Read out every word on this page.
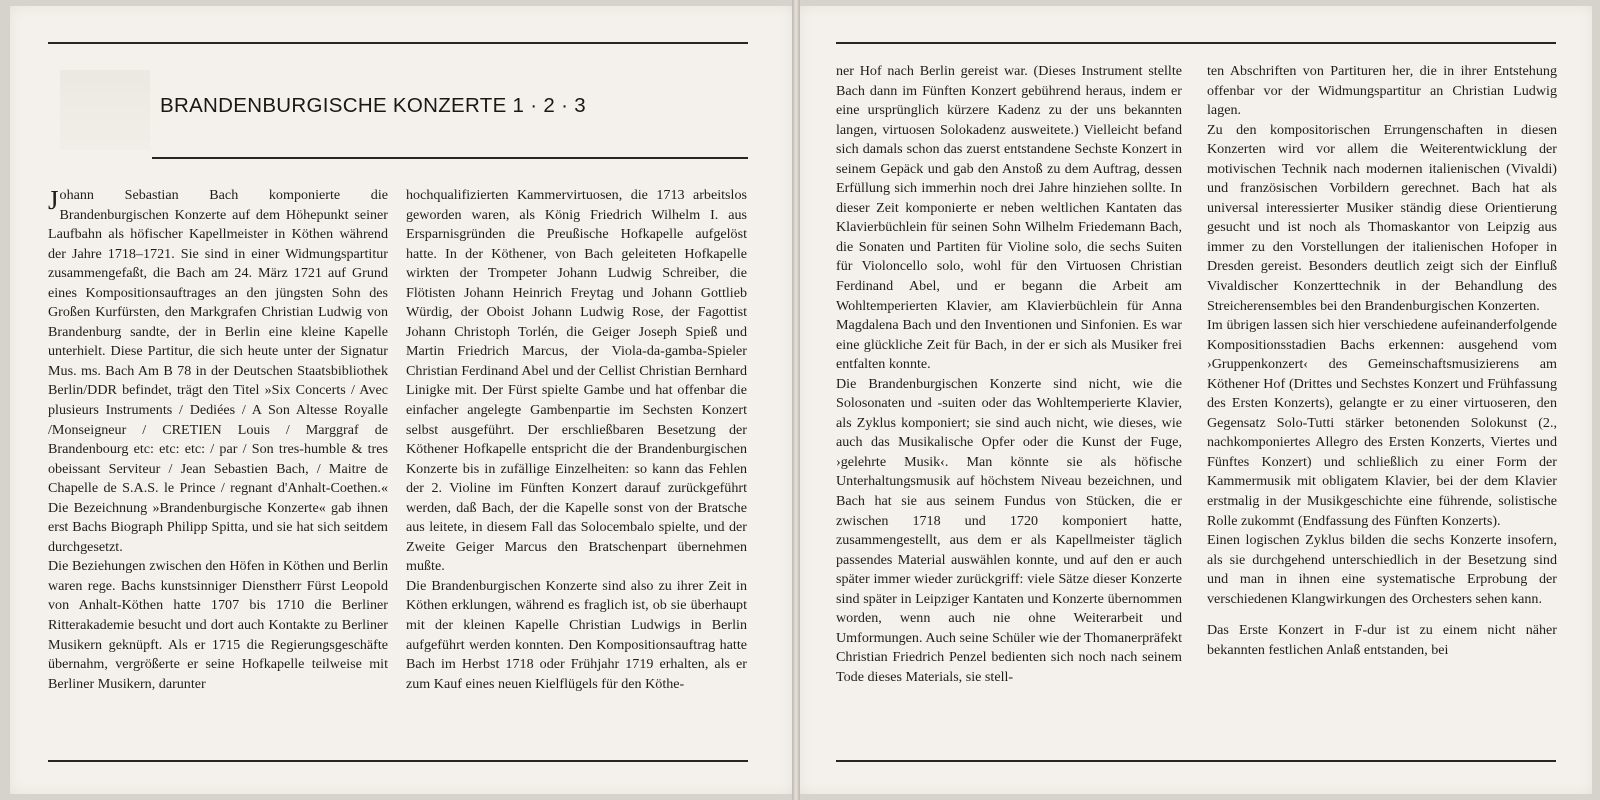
BRANDENBURGISCHE KONZERTE 1 · 2 · 3

Johann Sebastian Bach komponierte die Brandenburgischen Konzerte auf dem Höhepunkt seiner Laufbahn als höfischer Kapellmeister in Köthen während der Jahre 1718–1721. Sie sind in einer Widmungspartitur zusammengefaßt, die Bach am 24. März 1721 auf Grund eines Kompositionsauftrages an den jüngsten Sohn des Großen Kurfürsten, den Markgrafen Christian Ludwig von Brandenburg sandte, der in Berlin eine kleine Kapelle unterhielt. Diese Partitur, die sich heute unter der Signatur Mus. ms. Bach Am B 78 in der Deutschen Staatsbibliothek Berlin/DDR befindet, trägt den Titel »Six Concerts / Avec plusieurs Instruments / Dediées / A Son Altesse Royalle /Monseigneur / CRETIEN Louis / Marggraf de Brandenbourg etc: etc: etc: / par / Son tres-humble & tres obeissant Serviteur / Jean Sebastien Bach, / Maitre de Chapelle de S.A.S. le Prince / regnant d'Anhalt-Coethen.« Die Bezeichnung »Brandenburgische Konzerte« gab ihnen erst Bachs Biograph Philipp Spitta, und sie hat sich seitdem durchgesetzt.

Die Beziehungen zwischen den Höfen in Köthen und Berlin waren rege. Bachs kunstsinniger Dienstherr Fürst Leopold von Anhalt-Köthen hatte 1707 bis 1710 die Berliner Ritterakademie besucht und dort auch Kontakte zu Berliner Musikern geknüpft. Als er 1715 die Regierungsgeschäfte übernahm, vergrößerte er seine Hofkapelle teilweise mit Berliner Musikern, darunter

hochqualifizierten Kammervirtuosen, die 1713 arbeitslos geworden waren, als König Friedrich Wilhelm I. aus Ersparnisgründen die Preußische Hofkapelle aufgelöst hatte. In der Köthener, von Bach geleiteten Hofkapelle wirkten der Trompeter Johann Ludwig Schreiber, die Flötisten Johann Heinrich Freytag und Johann Gottlieb Würdig, der Oboist Johann Ludwig Rose, der Fagottist Johann Christoph Torlén, die Geiger Joseph Spieß und Martin Friedrich Marcus, der Viola-da-gamba-Spieler Christian Ferdinand Abel und der Cellist Christian Bernhard Linigke mit. Der Fürst spielte Gambe und hat offenbar die einfacher angelegte Gambenpartie im Sechsten Konzert selbst ausgeführt. Der erschließbaren Besetzung der Köthener Hofkapelle entspricht die der Brandenburgischen Konzerte bis in zufällige Einzelheiten: so kann das Fehlen der 2. Violine im Fünften Konzert darauf zurückgeführt werden, daß Bach, der die Kapelle sonst von der Bratsche aus leitete, in diesem Fall das Solocembalo spielte, und der Zweite Geiger Marcus den Bratschenpart übernehmen mußte.

Die Brandenburgischen Konzerte sind also zu ihrer Zeit in Köthen erklungen, während es fraglich ist, ob sie überhaupt mit der kleinen Kapelle Christian Ludwigs in Berlin aufgeführt werden konnten. Den Kompositionsauftrag hatte Bach im Herbst 1718 oder Frühjahr 1719 erhalten, als er zum Kauf eines neuen Kielflügels für den Köthe-

ner Hof nach Berlin gereist war. (Dieses Instrument stellte Bach dann im Fünften Konzert gebührend heraus, indem er eine ursprünglich kürzere Kadenz zu der uns bekannten langen, virtuosen Solokadenz ausweitete.) Vielleicht befand sich damals schon das zuerst entstandene Sechste Konzert in seinem Gepäck und gab den Anstoß zu dem Auftrag, dessen Erfüllung sich immerhin noch drei Jahre hinziehen sollte. In dieser Zeit komponierte er neben weltlichen Kantaten das Klavierbüchlein für seinen Sohn Wilhelm Friedemann Bach, die Sonaten und Partiten für Violine solo, die sechs Suiten für Violoncello solo, wohl für den Virtuosen Christian Ferdinand Abel, und er begann die Arbeit am Wohltemperierten Klavier, am Klavierbüchlein für Anna Magdalena Bach und den Inventionen und Sinfonien. Es war eine glückliche Zeit für Bach, in der er sich als Musiker frei entfalten konnte.

Die Brandenburgischen Konzerte sind nicht, wie die Solosonaten und -suiten oder das Wohltemperierte Klavier, als Zyklus komponiert; sie sind auch nicht, wie dieses, wie auch das Musikalische Opfer oder die Kunst der Fuge, ›gelehrte Musik‹. Man könnte sie als höfische Unterhaltungsmusik auf höchstem Niveau bezeichnen, und Bach hat sie aus seinem Fundus von Stücken, die er zwischen 1718 und 1720 komponiert hatte, zusammengestellt, aus dem er als Kapellmeister täglich passendes Material auswählen konnte, und auf den er auch später immer wieder zurückgriff: viele Sätze dieser Konzerte sind später in Leipziger Kantaten und Konzerte übernommen worden, wenn auch nie ohne Weiterarbeit und Umformungen. Auch seine Schüler wie der Thomanerpräfekt Christian Friedrich Penzel bedienten sich noch nach seinem Tode dieses Materials, sie stell-

ten Abschriften von Partituren her, die in ihrer Entstehung offenbar vor der Widmungspartitur an Christian Ludwig lagen.

Zu den kompositorischen Errungenschaften in diesen Konzerten wird vor allem die Weiterentwicklung der motivischen Technik nach modernen italienischen (Vivaldi) und französischen Vorbildern gerechnet. Bach hat als universal interessierter Musiker ständig diese Orientierung gesucht und ist noch als Thomaskantor von Leipzig aus immer zu den Vorstellungen der italienischen Hofoper in Dresden gereist. Besonders deutlich zeigt sich der Einfluß Vivaldischer Konzerttechnik in der Behandlung des Streicherensembles bei den Brandenburgischen Konzerten.

Im übrigen lassen sich hier verschiedene aufeinanderfolgende Kompositionsstadien Bachs erkennen: ausgehend vom ›Gruppenkonzert‹ des Gemeinschaftsmusizierens am Köthener Hof (Drittes und Sechstes Konzert und Frühfassung des Ersten Konzerts), gelangte er zu einer virtuoseren, den Gegensatz Solo-Tutti stärker betonenden Solokunst (2., nachkomponiertes Allegro des Ersten Konzerts, Viertes und Fünftes Konzert) und schließlich zu einer Form der Kammermusik mit obligatem Klavier, bei der dem Klavier erstmalig in der Musikgeschichte eine führende, solistische Rolle zukommt (Endfassung des Fünften Konzerts).

Einen logischen Zyklus bilden die sechs Konzerte insofern, als sie durchgehend unterschiedlich in der Besetzung sind und man in ihnen eine systematische Erprobung der verschiedenen Klangwirkungen des Orchesters sehen kann.

Das Erste Konzert in F-dur ist zu einem nicht näher bekannten festlichen Anlaß entstanden, bei
